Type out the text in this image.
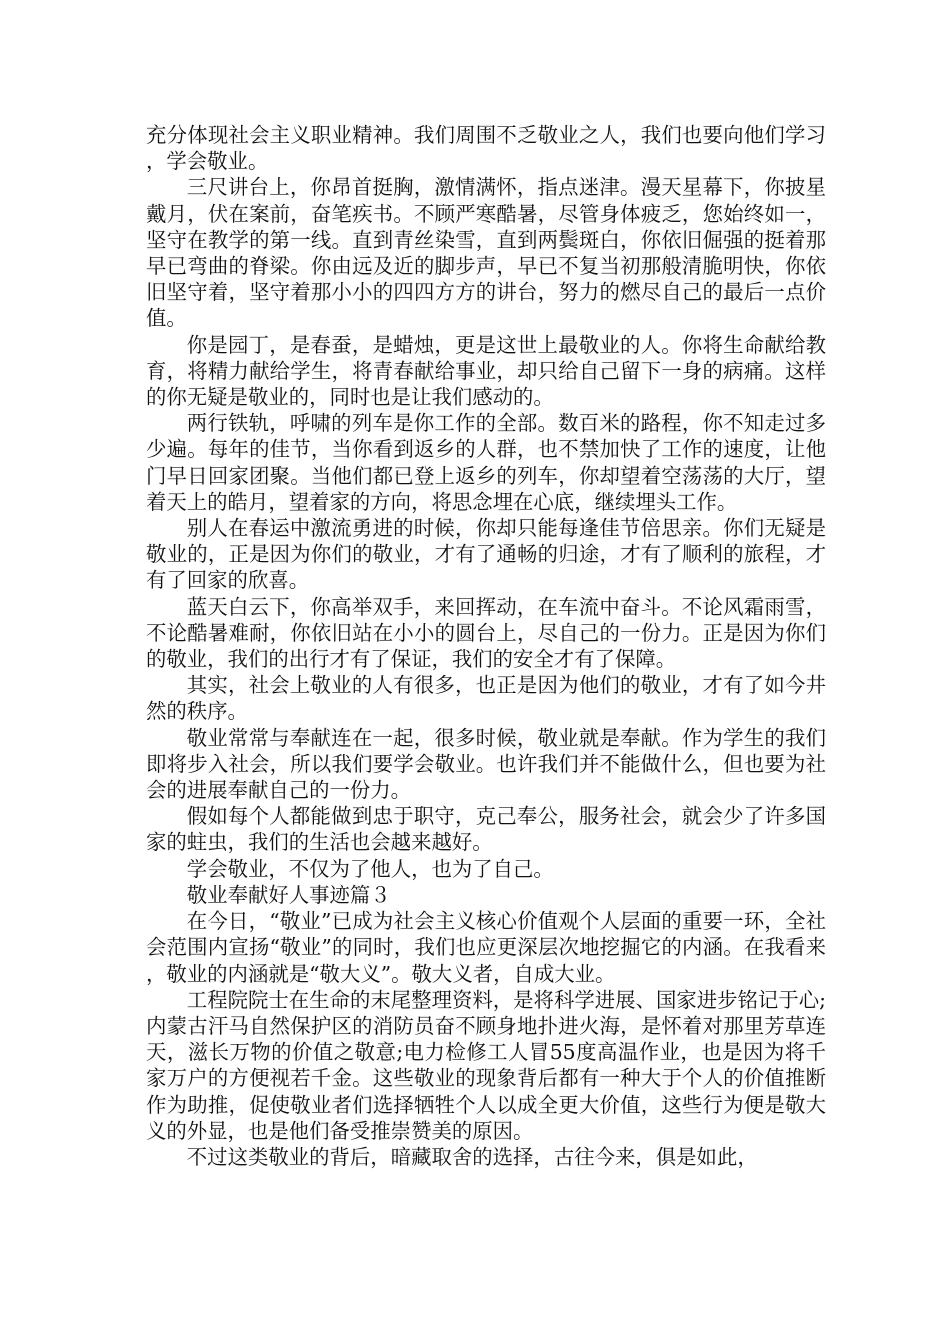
充分体现社会主义职业精神。我们周围不乏敬业之人，我们也要向他们学习，学会敬业。

三尺讲台上，你昂首挺胸，激情满怀，指点迷津。漫天星幕下，你披星戴月，伏在案前，奋笔疾书。不顾严寒酷暑，尽管身体疲乏，您始终如一，坚守在教学的第一线。直到青丝染雪，直到两鬓斑白，你依旧倔强的挺着那早已弯曲的脊梁。你由远及近的脚步声，早已不复当初那般清脆明快，你依旧坚守着，坚守着那小小的四四方方的讲台，努力的燃尽自己的最后一点价值。

你是园丁，是春蚕，是蜡烛，更是这世上最敬业的人。你将生命献给教育，将精力献给学生，将青春献给事业，却只给自己留下一身的病痛。这样的你无疑是敬业的，同时也是让我们感动的。

两行铁轨，呼啸的列车是你工作的全部。数百米的路程，你不知走过多少遍。每年的佳节，当你看到返乡的人群，也不禁加快了工作的速度，让他门早日回家团聚。当他们都已登上返乡的列车，你却望着空荡荡的大厅，望着天上的皓月，望着家的方向，将思念埋在心底，继续埋头工作。

别人在春运中激流勇进的时候，你却只能每逢佳节倍思亲。你们无疑是敬业的，正是因为你们的敬业，才有了通畅的归途，才有了顺利的旅程，才有了回家的欣喜。

蓝天白云下，你高举双手，来回挥动，在车流中奋斗。不论风霜雨雪，不论酷暑难耐，你依旧站在小小的圆台上，尽自己的一份力。正是因为你们的敬业，我们的出行才有了保证，我们的安全才有了保障。

其实，社会上敬业的人有很多，也正是因为他们的敬业，才有了如今井然的秩序。

敬业常常与奉献连在一起，很多时候，敬业就是奉献。作为学生的我们即将步入社会，所以我们要学会敬业。也许我们并不能做什么，但也要为社会的进展奉献自己的一份力。

假如每个人都能做到忠于职守，克己奉公，服务社会，就会少了许多国家的蛀虫，我们的生活也会越来越好。

学会敬业，不仅为了他人，也为了自己。

敬业奉献好人事迹篇３

在今日，“敬业”已成为社会主义核心价值观个人层面的重要一环，全社会范围内宣扬“敬业”的同时，我们也应更深层次地挖掘它的内涵。在我看来，敬业的内涵就是“敬大义”。敬大义者，自成大业。

工程院院士在生命的末尾整理资料，是将科学进展、国家进步铭记于心;内蒙古汗马自然保护区的消防员奋不顾身地扑进火海，是怀着对那里芳草连天，滋长万物的价值之敬意;电力检修工人冒55度高温作业，也是因为将千家万户的方便视若千金。这些敬业的现象背后都有一种大于个人的价值推断作为助推，促使敬业者们选择牺牲个人以成全更大价值，这些行为便是敬大义的外显，也是他们备受推崇赞美的原因。

不过这类敬业的背后，暗藏取舍的选择，古往今来，俱是如此，
